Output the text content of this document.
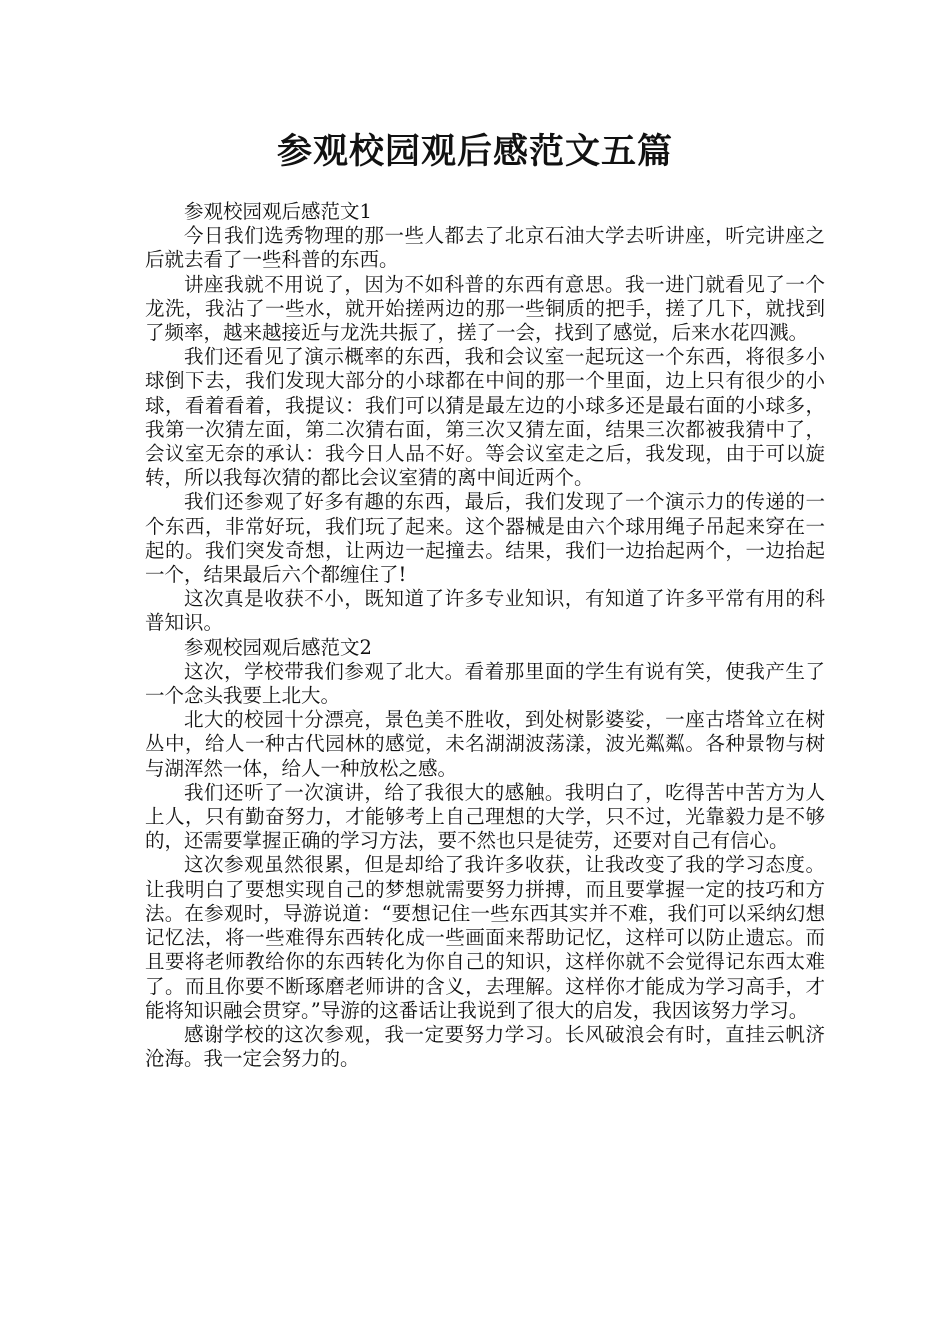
参观校园观后感范文五篇

参观校园观后感范文1

今日我们选秀物理的那一些人都去了北京石油大学去听讲座，听完讲座之后就去看了一些科普的东西。

讲座我就不用说了，因为不如科普的东西有意思。我一进门就看见了一个龙洗，我沾了一些水，就开始搓两边的那一些铜质的把手，搓了几下，就找到了频率，越来越接近与龙洗共振了，搓了一会，找到了感觉，后来水花四溅。

我们还看见了演示概率的东西，我和会议室一起玩这一个东西，将很多小球倒下去，我们发现大部分的小球都在中间的那一个里面，边上只有很少的小球，看着看着，我提议：我们可以猜是最左边的小球多还是最右面的小球多，我第一次猜左面，第二次猜右面，第三次又猜左面，结果三次都被我猜中了，会议室无奈的承认：我今日人品不好。等会议室走之后，我发现，由于可以旋转，所以我每次猜的都比会议室猜的离中间近两个。

我们还参观了好多有趣的东西，最后，我们发现了一个演示力的传递的一个东西，非常好玩，我们玩了起来。这个器械是由六个球用绳子吊起来穿在一起的。我们突发奇想，让两边一起撞去。结果，我们一边抬起两个，一边抬起一个，结果最后六个都缠住了!

这次真是收获不小，既知道了许多专业知识，有知道了许多平常有用的科普知识。

参观校园观后感范文2

这次，学校带我们参观了北大。看着那里面的学生有说有笑，使我产生了一个念头我要上北大。

北大的校园十分漂亮，景色美不胜收，到处树影婆娑，一座古塔耸立在树丛中，给人一种古代园林的感觉，未名湖湖波荡漾，波光粼粼。各种景物与树与湖浑然一体，给人一种放松之感。

我们还听了一次演讲，给了我很大的感触。我明白了，吃得苦中苦方为人上人，只有勤奋努力，才能够考上自己理想的大学，只不过，光靠毅力是不够的，还需要掌握正确的学习方法，要不然也只是徒劳，还要对自己有信心。

这次参观虽然很累，但是却给了我许多收获，让我改变了我的学习态度。让我明白了要想实现自己的梦想就需要努力拼搏，而且要掌握一定的技巧和方法。在参观时，导游说道：“要想记住一些东西其实并不难，我们可以采纳幻想记忆法，将一些难得东西转化成一些画面来帮助记忆，这样可以防止遗忘。而且要将老师教给你的东西转化为你自己的知识，这样你就不会觉得记东西太难了。而且你要不断琢磨老师讲的含义，去理解。这样你才能成为学习高手，才能将知识融会贯穿。”导游的这番话让我说到了很大的启发，我因该努力学习。

感谢学校的这次参观，我一定要努力学习。长风破浪会有时，直挂云帆济沧海。我一定会努力的。
